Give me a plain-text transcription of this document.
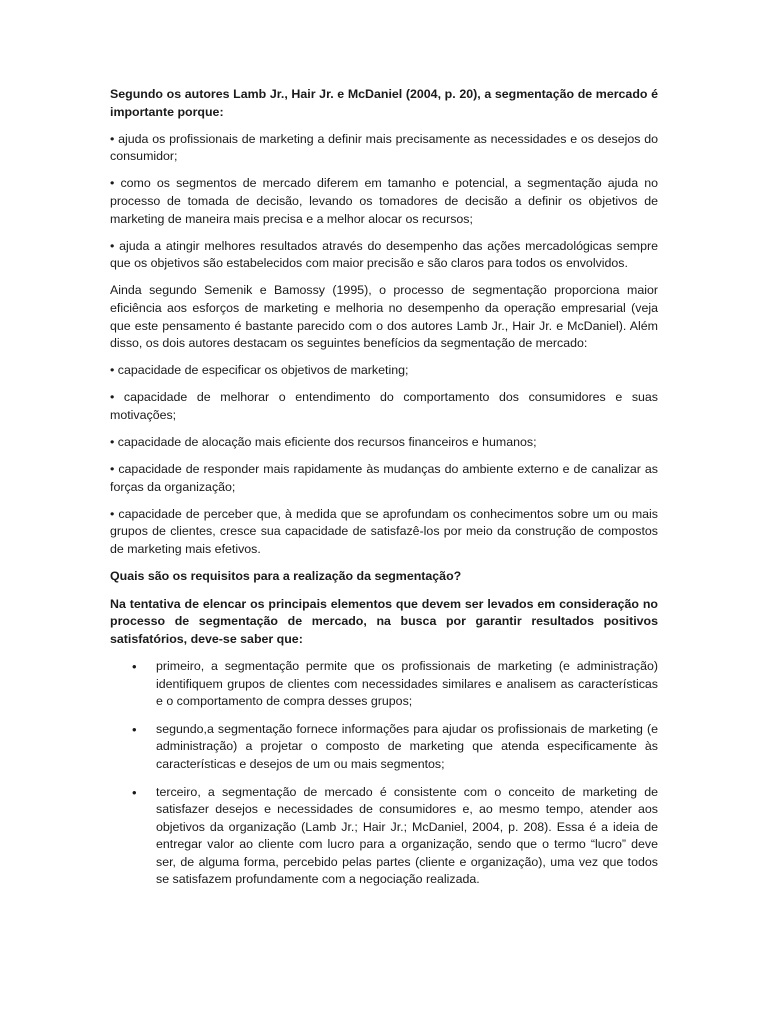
Segundo os autores Lamb Jr., Hair Jr. e McDaniel (2004, p. 20), a segmentação de mercado é importante porque:

• ajuda os profissionais de marketing a definir mais precisamente as necessidades e os desejos do consumidor;

• como os segmentos de mercado diferem em tamanho e potencial, a segmentação ajuda no processo de tomada de decisão, levando os tomadores de decisão a definir os objetivos de marketing de maneira mais precisa e a melhor alocar os recursos;

• ajuda a atingir melhores resultados através do desempenho das ações mercadológicas sempre que os objetivos são estabelecidos com maior precisão e são claros para todos os envolvidos.

Ainda segundo Semenik e Bamossy (1995), o processo de segmentação proporciona maior eficiência aos esforços de marketing e melhoria no desempenho da operação empresarial (veja que este pensamento é bastante parecido com o dos autores Lamb Jr., Hair Jr. e McDaniel). Além disso, os dois autores destacam os seguintes benefícios da segmentação de mercado:

• capacidade de especificar os objetivos de marketing;

• capacidade de melhorar o entendimento do comportamento dos consumidores e suas motivações;

• capacidade de alocação mais eficiente dos recursos financeiros e humanos;

• capacidade de responder mais rapidamente às mudanças do ambiente externo e de canalizar as forças da organização;

• capacidade de perceber que, à medida que se aprofundam os conhecimentos sobre um ou mais grupos de clientes, cresce sua capacidade de satisfazê-los por meio da construção de compostos de marketing mais efetivos.

Quais são os requisitos para a realização da segmentação?

Na tentativa de elencar os principais elementos que devem ser levados em consideração no processo de segmentação de mercado, na busca por garantir resultados positivos satisfatórios, deve-se saber que:

• primeiro, a segmentação permite que os profissionais de marketing (e administração) identifiquem grupos de clientes com necessidades similares e analisem as características e o comportamento de compra desses grupos;
• segundo,a segmentação fornece informações para ajudar os profissionais de marketing (e administração) a projetar o composto de marketing que atenda especificamente às características e desejos de um ou mais segmentos;
• terceiro, a segmentação de mercado é consistente com o conceito de marketing de satisfazer desejos e necessidades de consumidores e, ao mesmo tempo, atender aos objetivos da organização (Lamb Jr.; Hair Jr.; McDaniel, 2004, p. 208). Essa é a ideia de entregar valor ao cliente com lucro para a organização, sendo que o termo “lucro” deve ser, de alguma forma, percebido pelas partes (cliente e organização), uma vez que todos se satisfazem profundamente com a negociação realizada.
